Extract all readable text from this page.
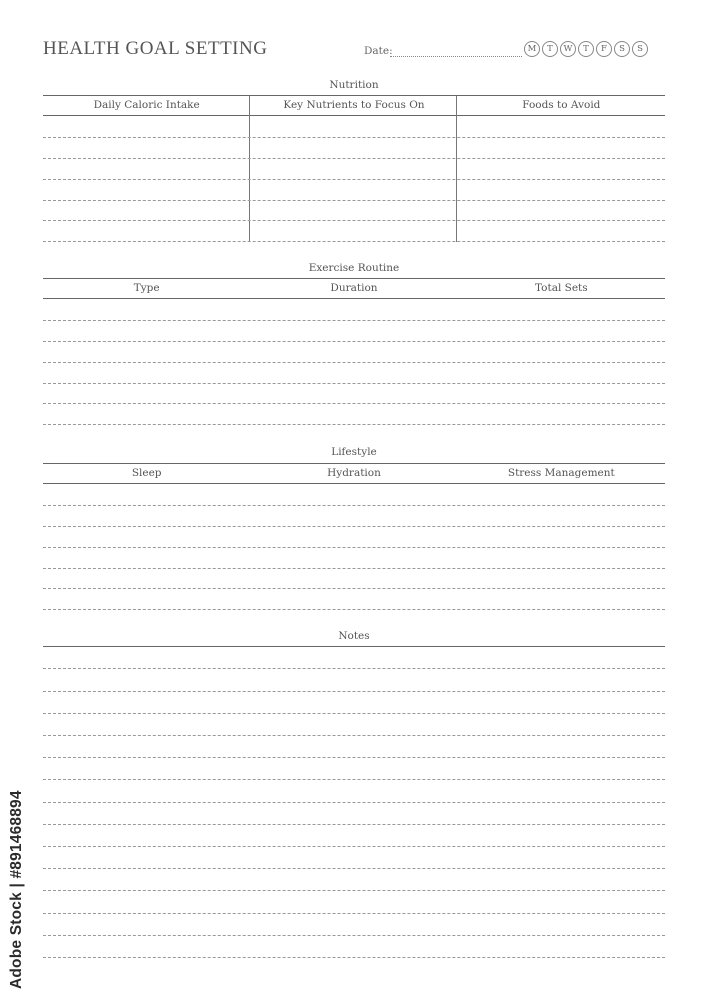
HEALTH GOAL SETTING	Date:	M	T	W	T	F	S	S
Nutrition
Daily Caloric Intake	Key Nutrients to Focus On	Foods to Avoid
Exercise Routine
Type	Duration	Total Sets
Lifestyle
Sleep	Hydration	Stress Management
Notes
Adobe Stock | #891468894
